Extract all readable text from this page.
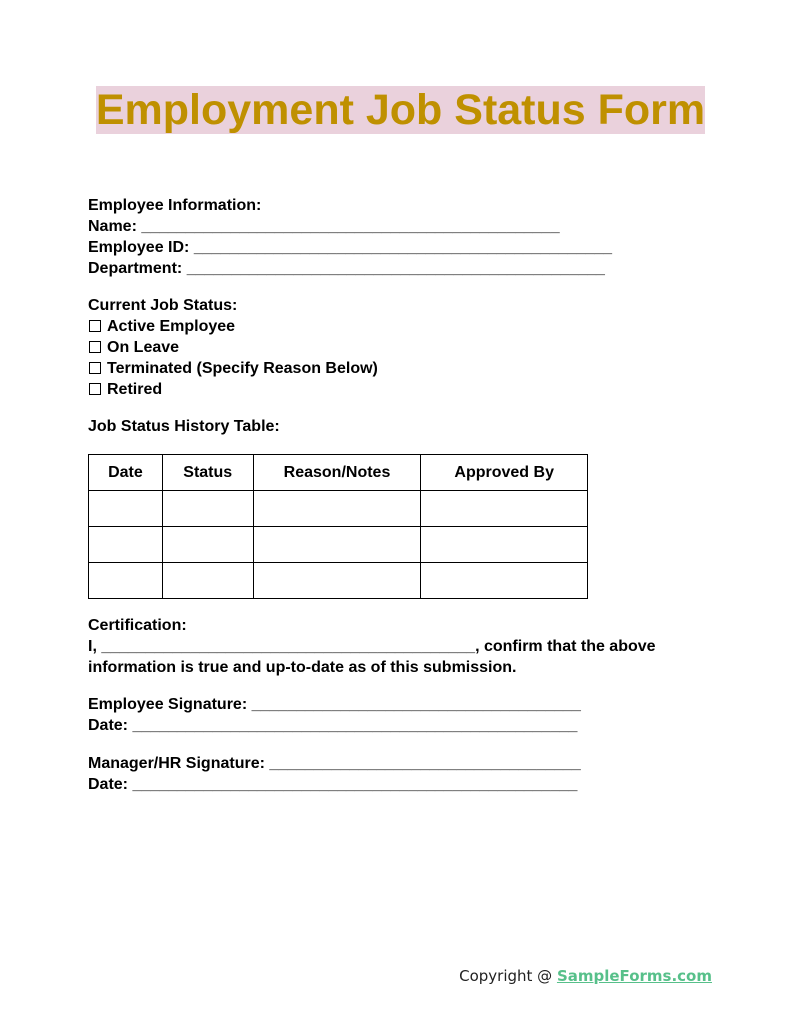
Employment Job Status Form
Employee Information:
Name: _______________________________________________
Employee ID: _______________________________________________
Department: _______________________________________________
Current Job Status:
Active Employee
On Leave
Terminated (Specify Reason Below)
Retired
Job Status History Table:
Date	Status	Reason/Notes	Approved By

Certification:
I, __________________________________________, confirm that the above
information is true and up-to-date as of this submission.
Employee Signature: _____________________________________
Date: __________________________________________________
Manager/HR Signature: ___________________________________
Date: __________________________________________________
Copyright @ SampleForms.com
